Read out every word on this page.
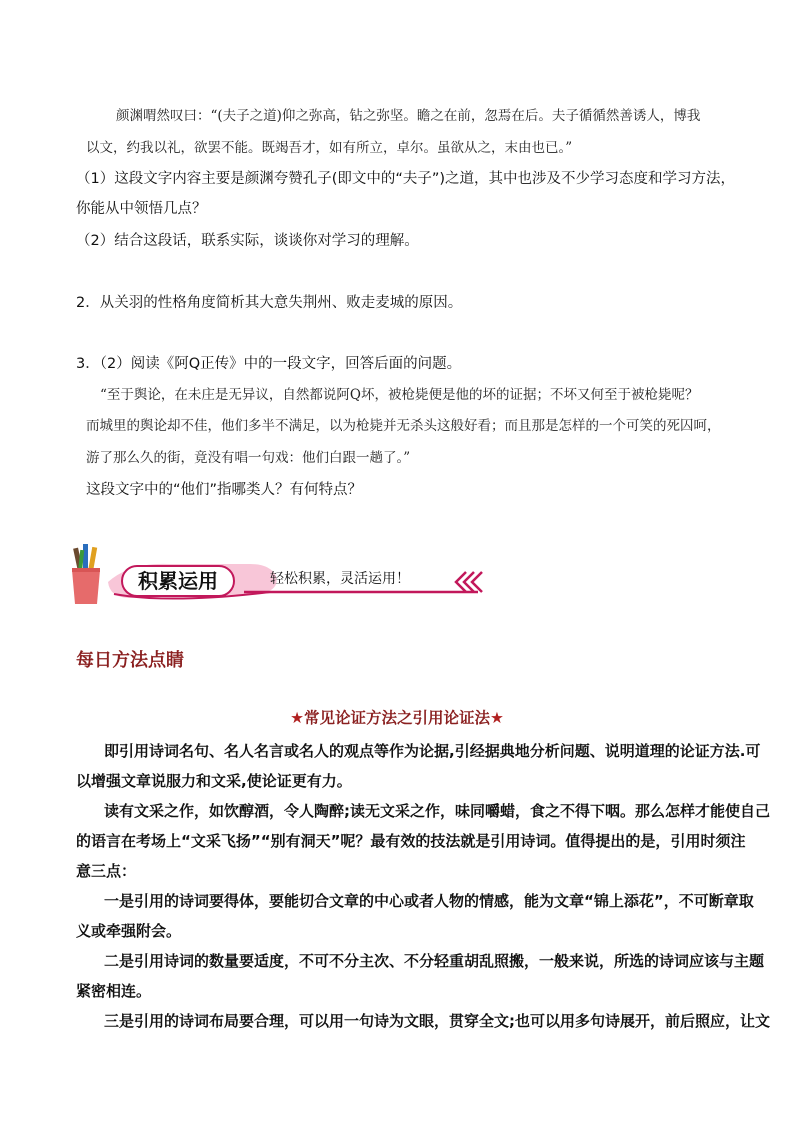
颜渊喟然叹曰：“(夫子之道)仰之弥高，钻之弥坚。瞻之在前，忽焉在后。夫子循循然善诱人，博我
以文，约我以礼，欲罢不能。既竭吾才，如有所立，卓尔。虽欲从之，末由也已。”
（1）这段文字内容主要是颜渊夸赞孔子(即文中的“夫子”)之道，其中也涉及不少学习态度和学习方法，
你能从中领悟几点？
（2）结合这段话，联系实际，谈谈你对学习的理解。
2．从关羽的性格角度简析其大意失荆州、败走麦城的原因。
3．（2）阅读《阿Q正传》中的一段文字，回答后面的问题。
“至于舆论，在未庄是无异议，自然都说阿Q坏，被枪毙便是他的坏的证据；不坏又何至于被枪毙呢？
而城里的舆论却不佳，他们多半不满足，以为枪毙并无杀头这般好看；而且那是怎样的一个可笑的死囚呵，
游了那么久的街，竟没有唱一句戏：他们白跟一趟了。”
这段文字中的“他们”指哪类人？有何特点？
积累运用	轻松积累，灵活运用！
每日方法点睛
★常见论证方法之引用论证法★
即引用诗词名句、名人名言或名人的观点等作为论据,引经据典地分析问题、说明道理的论证方法.可
以增强文章说服力和文采,使论证更有力。
读有文采之作，如饮醇酒，令人陶醉;读无文采之作，味同嚼蜡，食之不得下咽。那么怎样才能使自己
的语言在考场上“文采飞扬”“别有洞天”呢？最有效的技法就是引用诗词。值得提出的是，引用时须注
意三点：
一是引用的诗词要得体，要能切合文章的中心或者人物的情感，能为文章“锦上添花”，不可断章取
义或牵强附会。
二是引用诗词的数量要适度，不可不分主次、不分轻重胡乱照搬，一般来说，所选的诗词应该与主题
紧密相连。
三是引用的诗词布局要合理，可以用一句诗为文眼，贯穿全文;也可以用多句诗展开，前后照应，让文
